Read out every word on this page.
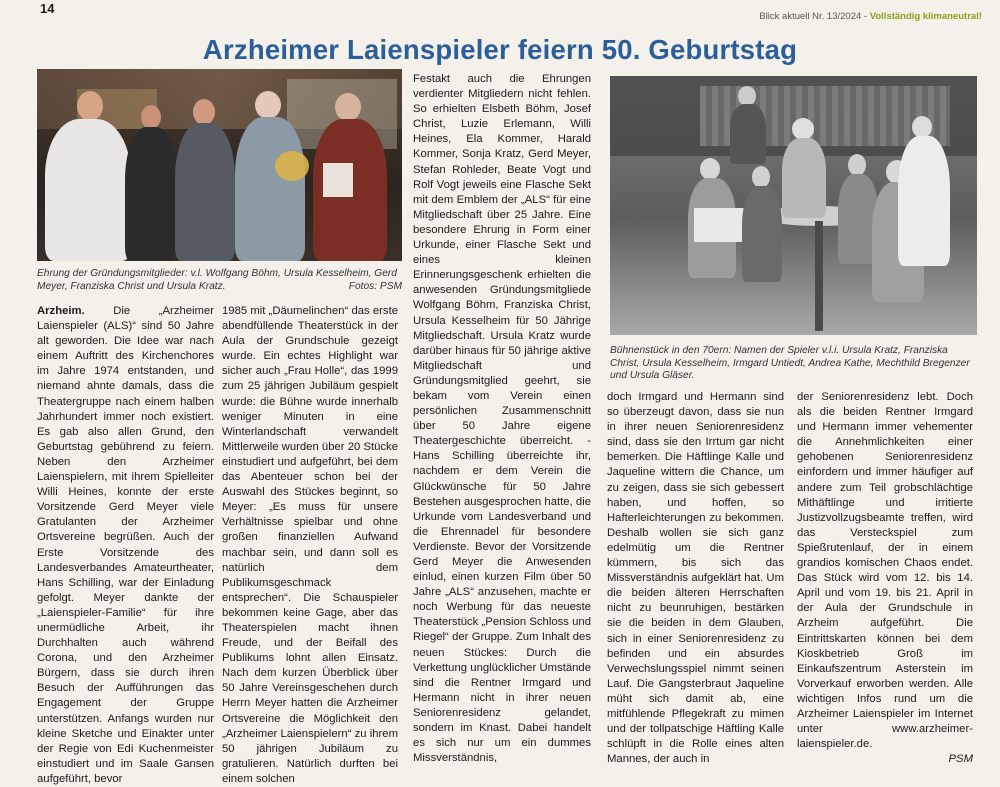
14
Blick aktuell Nr. 13/2024 - Vollständig klimaneutral!
Arzheimer Laienspieler feiern 50. Geburtstag
Ehrung der Gründungsmitglieder: v.l. Wolfgang Böhm, Ursula Kesselheim, Gerd Meyer, Franziska Christ und Ursula Kratz.	Fotos: PSM
Bühnenstück in den 70ern: Namen der Spieler v.l.i. Ursula Kratz, Franziska Christ, Ursula Kesselheim, Irmgard Untiedt, Andrea Kathe, Mechthild Bregenzer und Ursula Gläser.

Arzheim.	Die „Arzheimer Laienspieler (ALS)“ sind 50 Jahre alt geworden. Die Idee war nach einem Auftritt des Kirchenchores im Jahre 1974 entstanden, und niemand ahnte damals, dass die Theatergruppe nach einem halben Jahrhundert immer noch existiert. Es gab also allen Grund, den Geburtstag gebührend zu feiern. Neben den Arzheimer Laienspielern, mit ihrem Spielleiter Willi Heines, konnte der erste Vorsitzende Gerd Meyer viele Gratulanten der Arzheimer Ortsvereine begrüßen. Auch der Erste Vorsitzende des Landesverbandes Amateurtheater, Hans Schilling, war der Einladung gefolgt. Meyer dankte der „Laienspieler-Familie“ für ihre unermüdliche Arbeit, ihr Durchhalten auch während Corona, und den Arzheimer Bürgern, dass sie durch ihren Besuch der Aufführungen das Engagement der Gruppe unterstützen. Anfangs wurden nur kleine Sketche und Einakter unter der Regie von Edi Kuchenmeister einstudiert und im Saale Gansen aufgeführt, bevor

1985 mit „Däumelinchen“ das erste abendfüllende Theaterstück in der Aula der Grundschule gezeigt wurde. Ein echtes Highlight war sicher auch „Frau Holle“, das 1999 zum 25 jährigen Jubiläum gespielt wurde: die Bühne wurde innerhalb weniger Minuten in eine Winterlandschaft verwandelt Mittlerweile wurden über 20 Stücke einstudiert und aufgeführt, bei dem das Abenteuer schon bei der Auswahl des Stückes beginnt, so Meyer: „Es muss für unsere Verhältnisse spielbar und ohne großen finanziellen Aufwand machbar sein, und dann soll es natürlich dem Publikumsgeschmack entsprechen“. Die Schauspieler bekommen keine Gage, aber das Theaterspielen macht ihnen Freude, und der Beifall des Publikums lohnt allen Einsatz. Nach dem kurzen Überblick über 50 Jahre Vereinsgeschehen durch Herrn Meyer hatten die Arzheimer Ortsvereine die Möglichkeit den „Arzheimer Laienspielern“ zu ihrem 50 jährigen Jubiläum zu gratulieren. Natürlich durften bei einem solchen

Festakt auch die Ehrungen verdienter Mitgliedern nicht fehlen. So erhielten Elsbeth Böhm, Josef Christ, Luzie Erlemann, Willi Heines, Ela Kommer, Harald Kommer, Sonja Kratz, Gerd Meyer, Stefan Rohleder, Beate Vogt und Rolf Vogt jeweils eine Flasche Sekt mit dem Emblem der „ALS“ für eine Mitgliedschaft über 25 Jahre. Eine besondere Ehrung in Form einer Urkunde, einer Flasche Sekt und eines kleinen Erinnerungsgeschenk erhielten die anwesenden Gründungsmitgliede Wolfgang Böhm, Franziska Christ, Ursula Kesselheim für 50 Jährige Mitgliedschaft. Ursula Kratz wurde darüber hinaus für 50 jährige aktive Mitgliedschaft und Gründungsmitglied geehrt, sie bekam vom Verein einen persönlichen Zusammenschnitt über 50 Jahre eigene Theatergeschichte überreicht. - Hans Schilling überreichte ihr, nachdem er dem Verein die Glückwünsche für 50 Jahre Bestehen ausgesprochen hatte, die Urkunde vom Landesverband und die Ehrennadel für besondere Verdienste. Bevor der Vorsitzende Gerd Meyer die Anwesenden einlud, einen kurzen Film über 50 Jahre „ALS“ anzusehen, machte er noch Werbung für das neueste Theaterstück „Pension Schloss und Riegel“ der Gruppe. Zum Inhalt des neuen Stückes: Durch die Verkettung unglücklicher Umstände sind die Rentner Irmgard und Hermann nicht in ihrer neuen Seniorenresidenz gelandet, sondern im Knast. Dabei handelt es sich nur um ein dummes Missverständnis,

doch Irmgard und Hermann sind so überzeugt davon, dass sie nun in ihrer neuen Seniorenresidenz sind, dass sie den Irrtum gar nicht bemerken. Die Häftlinge Kalle und Jaqueline wittern die Chance, um zu zeigen, dass sie sich gebessert haben, und hoffen, so Hafterleichterungen zu bekommen. Deshalb wollen sie sich ganz edelmütig um die Rentner kümmern, bis sich das Missverständnis aufgeklärt hat. Um die beiden älteren Herrschaften nicht zu beunruhigen, bestärken sie die beiden in dem Glauben, sich in einer Seniorenresidenz zu befinden und ein absurdes Verwechslungsspiel nimmt seinen Lauf. Die Gangsterbraut Jaqueline müht sich damit ab, eine mitfühlende Pflegekraft zu mimen und der tollpatschige Häftling Kalle schlüpft in die Rolle eines alten Mannes, der auch in

der Seniorenresidenz lebt. Doch als die beiden Rentner Irmgard und Hermann immer vehementer die Annehmlichkeiten einer gehobenen Seniorenresidenz einfordern und immer häufiger auf andere zum Teil grobschlächtige Mithäftlinge und irritierte Justizvollzugsbeamte treffen, wird das Versteckspiel zum Spießrutenlauf, der in einem grandios komischen Chaos endet. Das Stück wird vom 12. bis 14. April und vom 19. bis 21. April in der Aula der Grundschule in Arzheim aufgeführt. Die Eintrittskarten können bei dem Kioskbetrieb Groß im Einkaufszentrum Asterstein im Vorverkauf erworben werden. Alle wichtigen Infos rund um die Arzheimer Laienspieler im Internet unter www.arzheimer-laienspieler.de.

PSM
